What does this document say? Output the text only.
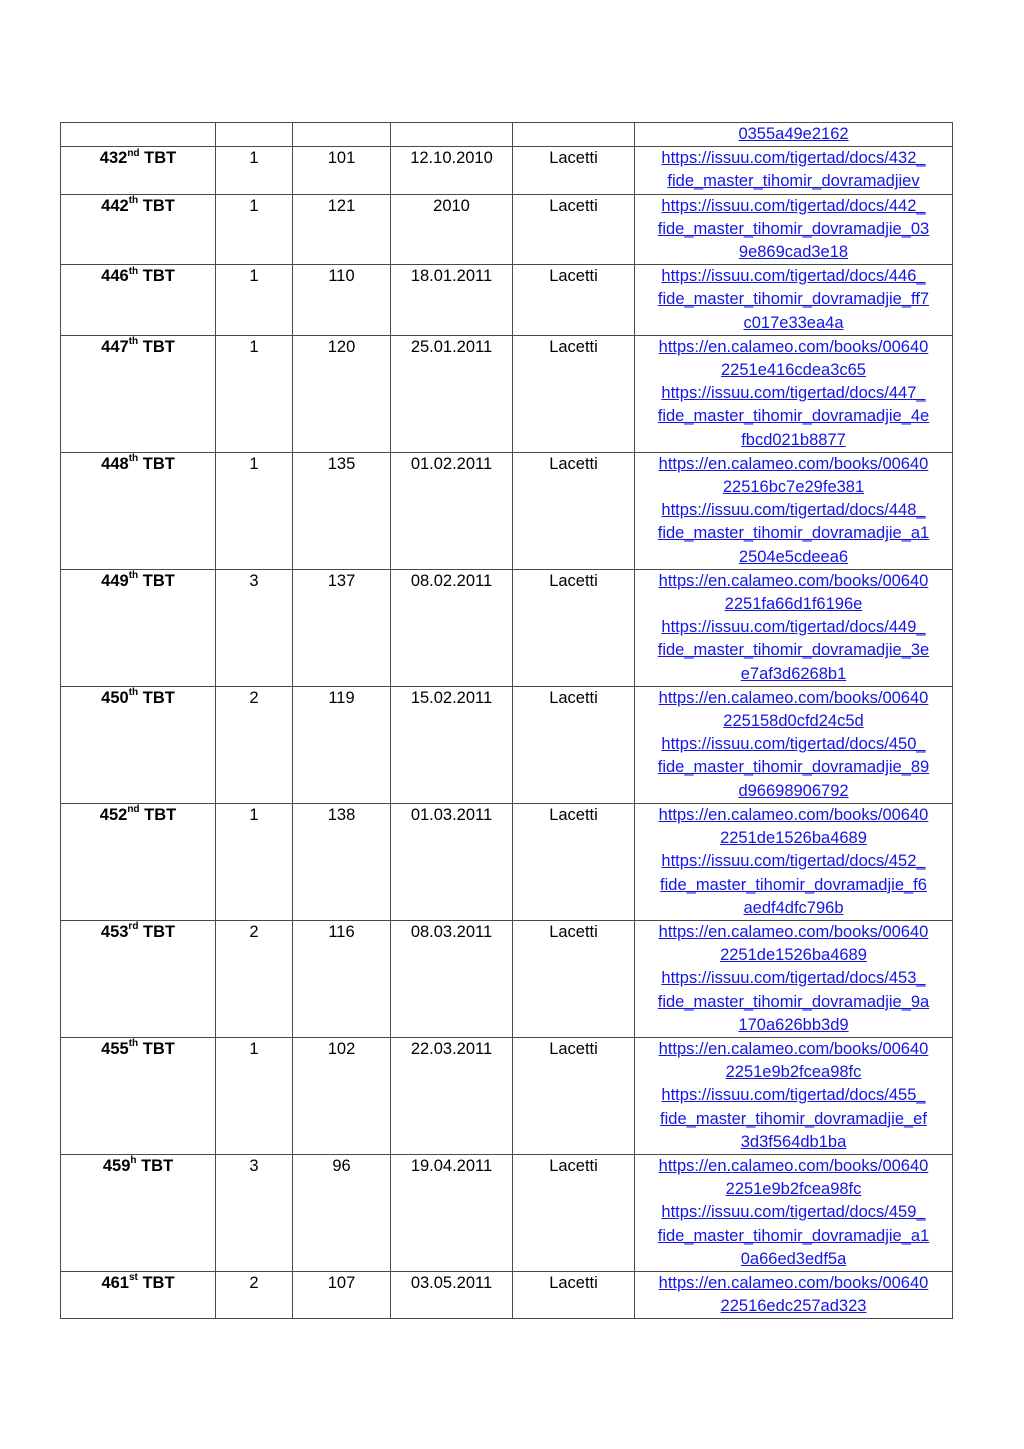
					0355a49e2162

432nd TBT	1	101	12.10.2010	Lacetti	https://issuu.com/tigertad/docs/432_
fide_master_tihomir_dovramadjiev

442th TBT	1	121	2010	Lacetti	https://issuu.com/tigertad/docs/442_
fide_master_tihomir_dovramadjie_03
9e869cad3e18

446th TBT	1	110	18.01.2011	Lacetti	https://issuu.com/tigertad/docs/446_
fide_master_tihomir_dovramadjie_ff7
c017e33ea4a

447th TBT	1	120	25.01.2011	Lacetti	https://en.calameo.com/books/00640
2251e416cdea3c65
https://issuu.com/tigertad/docs/447_
fide_master_tihomir_dovramadjie_4e
fbcd021b8877

448th TBT	1	135	01.02.2011	Lacetti	https://en.calameo.com/books/00640
22516bc7e29fe381
https://issuu.com/tigertad/docs/448_
fide_master_tihomir_dovramadjie_a1
2504e5cdeea6

449th TBT	3	137	08.02.2011	Lacetti	https://en.calameo.com/books/00640
2251fa66d1f6196e
https://issuu.com/tigertad/docs/449_
fide_master_tihomir_dovramadjie_3e
e7af3d6268b1

450th TBT	2	119	15.02.2011	Lacetti	https://en.calameo.com/books/00640
225158d0cfd24c5d
https://issuu.com/tigertad/docs/450_
fide_master_tihomir_dovramadjie_89
d96698906792

452nd TBT	1	138	01.03.2011	Lacetti	https://en.calameo.com/books/00640
2251de1526ba4689
https://issuu.com/tigertad/docs/452_
fide_master_tihomir_dovramadjie_f6
aedf4dfc796b

453rd TBT	2	116	08.03.2011	Lacetti	https://en.calameo.com/books/00640
2251de1526ba4689
https://issuu.com/tigertad/docs/453_
fide_master_tihomir_dovramadjie_9a
170a626bb3d9

455th TBT	1	102	22.03.2011	Lacetti	https://en.calameo.com/books/00640
2251e9b2fcea98fc
https://issuu.com/tigertad/docs/455_
fide_master_tihomir_dovramadjie_ef
3d3f564db1ba

459$^h$ TBT	3	96	19.04.2011	Lacetti	https://en.calameo.com/books/00640
2251e9b2fcea98fc
https://issuu.com/tigertad/docs/459_
fide_master_tihomir_dovramadjie_a1
0a66ed3edf5a

461st TBT	2	107	03.05.2011	Lacetti	https://en.calameo.com/books/00640
22516edc257ad323
